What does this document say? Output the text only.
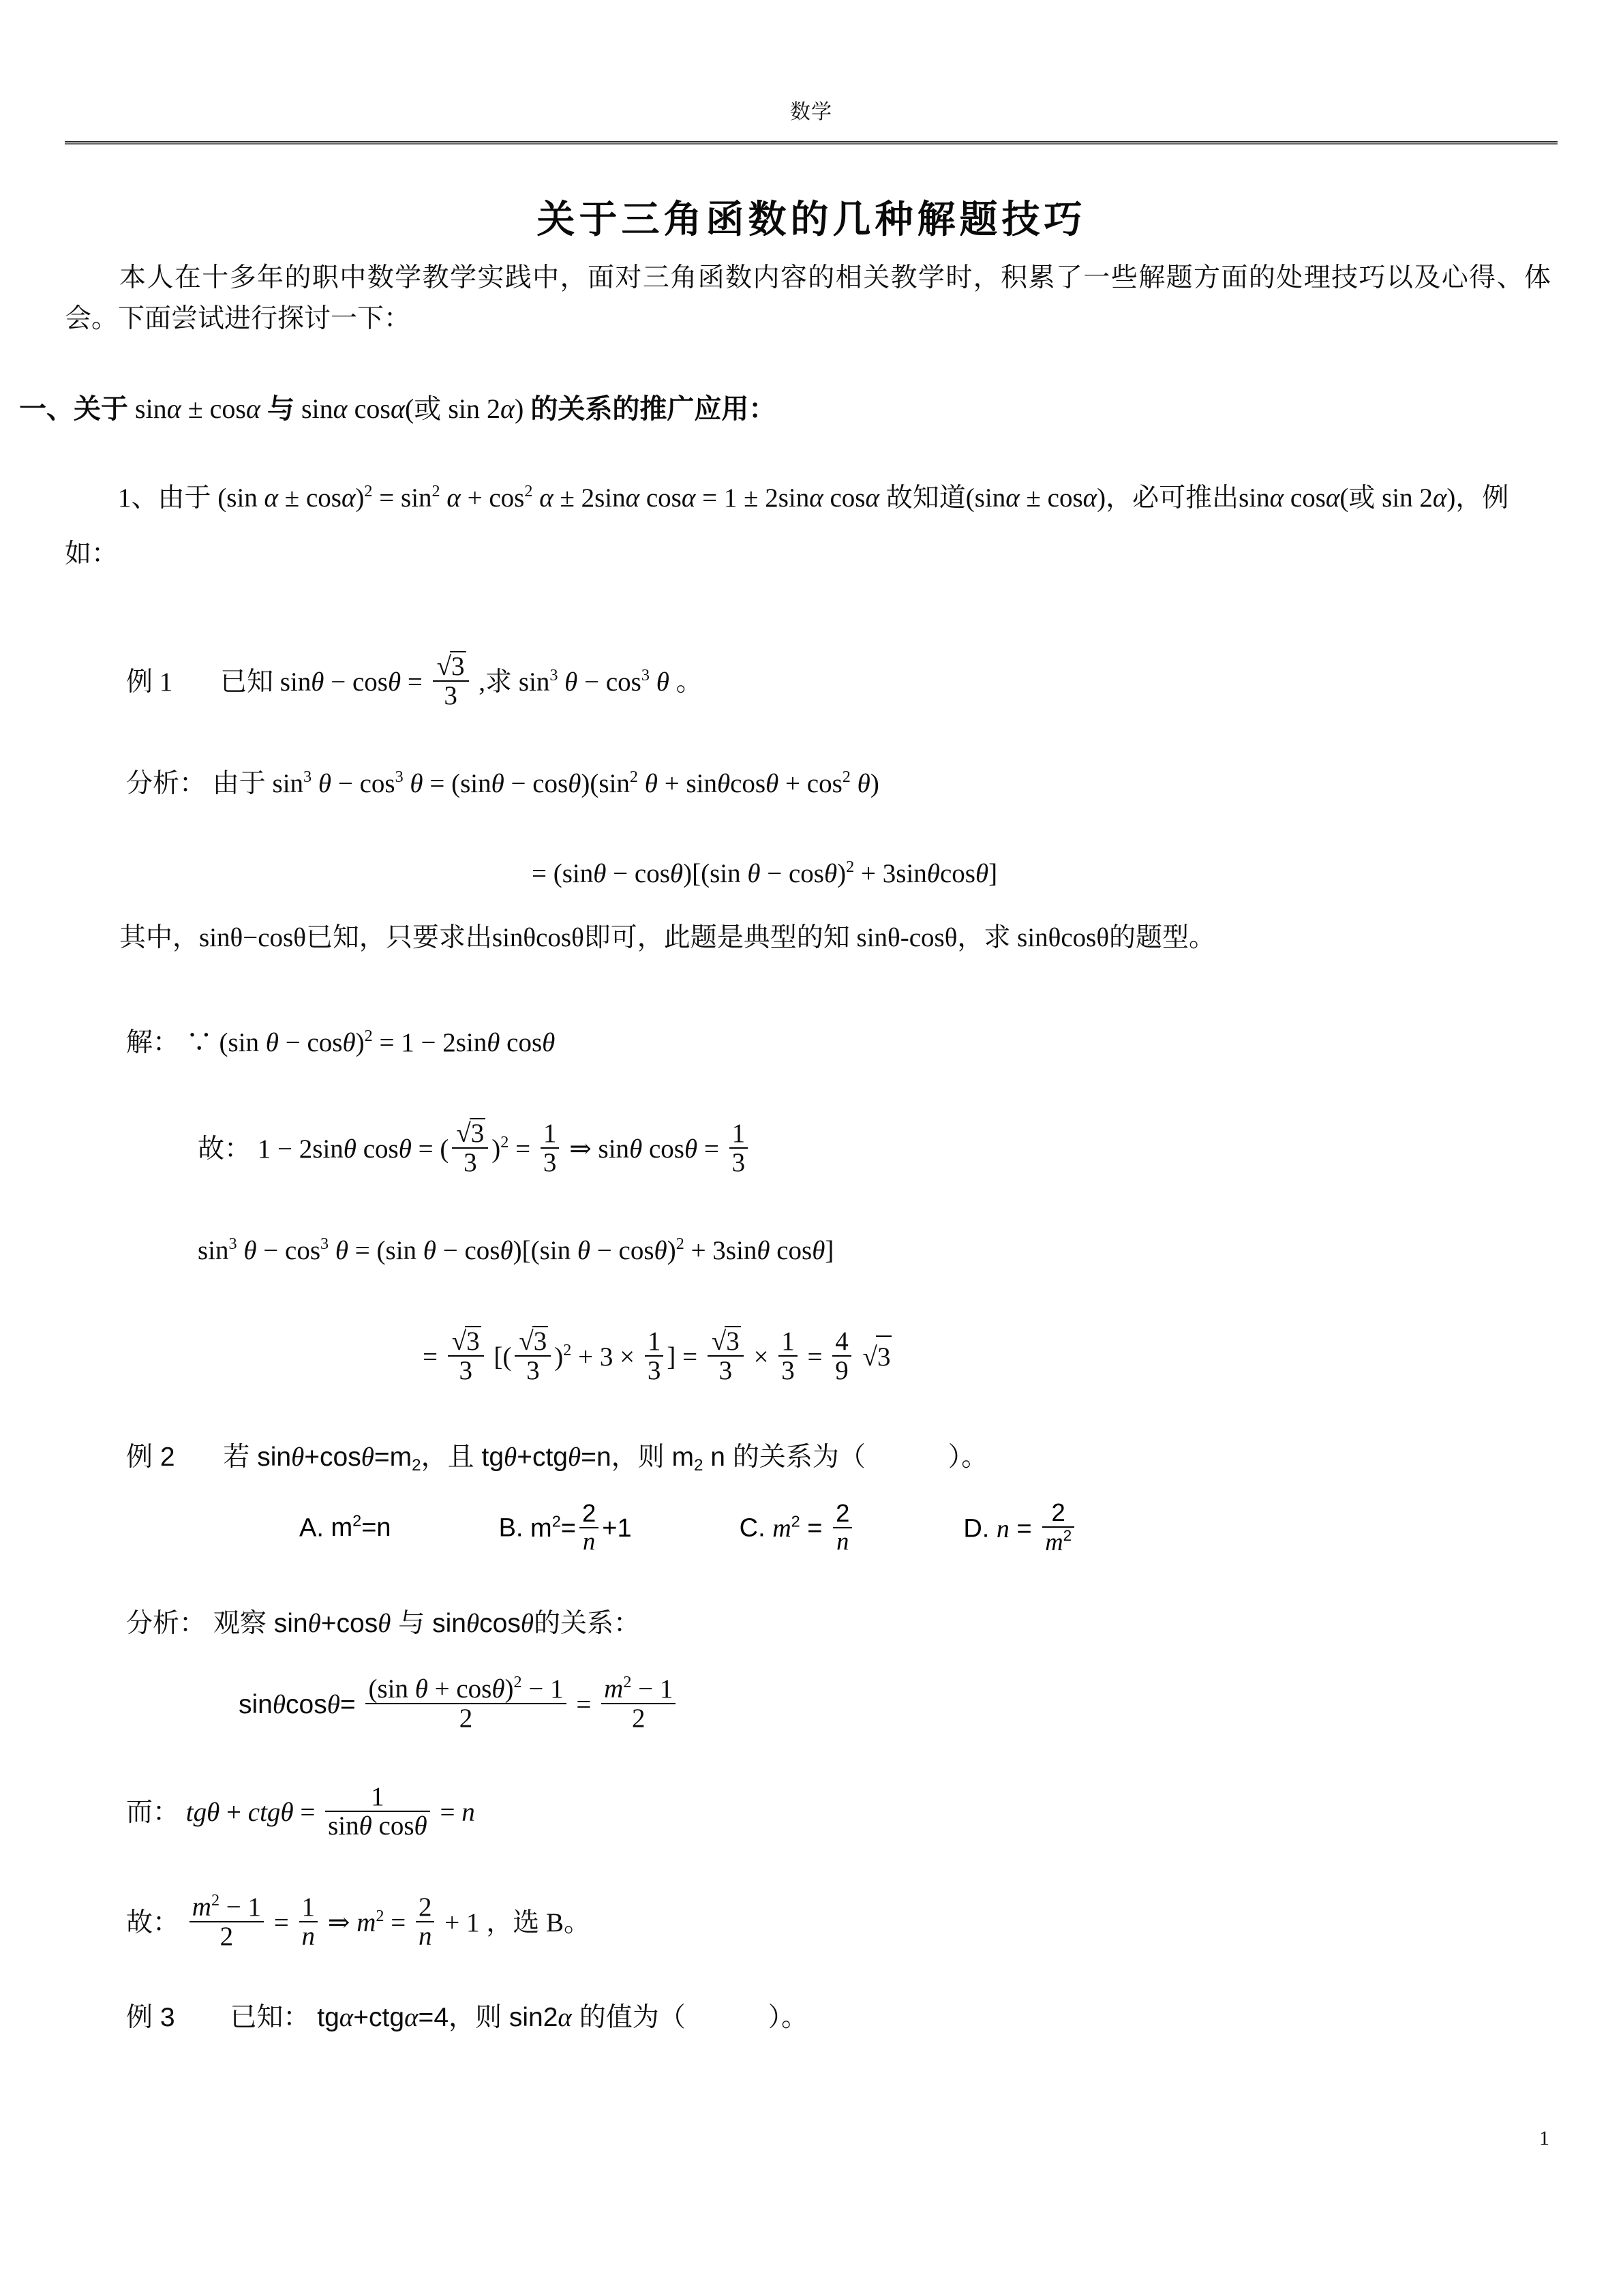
数学
关于三角函数的几种解题技巧
本人在十多年的职中数学教学实践中，面对三角函数内容的相关教学时，积累了一些解题方面的处理技巧以及心得、体会。下面尝试进行探讨一下：
一、关于 sinα ± cosα 与 sinα cosα(或 sin 2α) 的关系的推广应用：
1、由于 (sin $\alpha \pm \cos\alpha)^2 = \sin^2 \alpha + \cos^2 \alpha \pm 2\sin\alpha$ cosα = 1 ± 2sinα cosα 故知道(sinα ± cosα)，必可推出sinα cosα(或 sin 2α)，例如：
例 1 已知 $\sin\theta - \cos\theta = \frac{√3}{3}$ ,求 $\sin^3 \theta - \cos^3 \theta$ 。
分析： 由于 $\sin^3 \theta - \cos^3 \theta = (\sin\theta - \cos\theta)(\sin^2$ $\theta + \sin\theta\cos\theta + \cos^2 \theta$)
= (sinθ − cosθ)[(sin θ − cosθ)$^2$ + 3sinθcosθ]
其中，sinθ−cosθ已知，只要求出sinθcosθ即可，此题是典型的知 sinθ-cosθ，求 sinθcosθ的题型。
解： ∵ (sin θ − cosθ)$^2$ = 1 − 2sinθ cosθ
故： 1 − 2sinθ cosθ = ( $\frac{√3}{3} )^2 = \frac{1}{3}$ ⇒ sinθ $\cos\theta = \frac{1}{3}$
$\sin^3 \theta - \cos^3 \theta = (\sin$ θ − cosθ)[(sin θ − cosθ)$^2$ + 3sinθ cosθ]
= $\frac{√3}{3}$ [( $\frac{√3}{3} )^2 + 3 \times \frac{1}{3}$ ] = $\frac{√3}{3} \times \frac{1}{3} = \frac{4}{9} √3$
例 2 若 $\sin\theta+\cos\theta=m_2$，且 tgθ+ctgθ=n，则 $m_2$ n 的关系为（	）。
A. $m^2=n$	B. $m^2= \frac{2}{n} +1$	C. $m^2 = \frac{2}{n}$	D. $n = \frac{2}{m^2}$
分析： 观察 sinθ+cosθ 与 sinθcosθ的关系：
$\sin\theta\cos\theta= \frac{(\sin \theta + \cos\theta)^2 - 1}{2} = \frac{m^2 - 1}{2}$
而： $tg\theta + ctg\theta = \frac{1}{\text{sinθ cosθ}} = n$
故： $\frac{m^2 - 1}{2} = \frac{1}{n}$ ⇒ $m^2 = \frac{2}{n} + 1$ ，选 B。
例 3 已知： tgα+ctgα=4，则 sin2α 的值为（	）。
1
